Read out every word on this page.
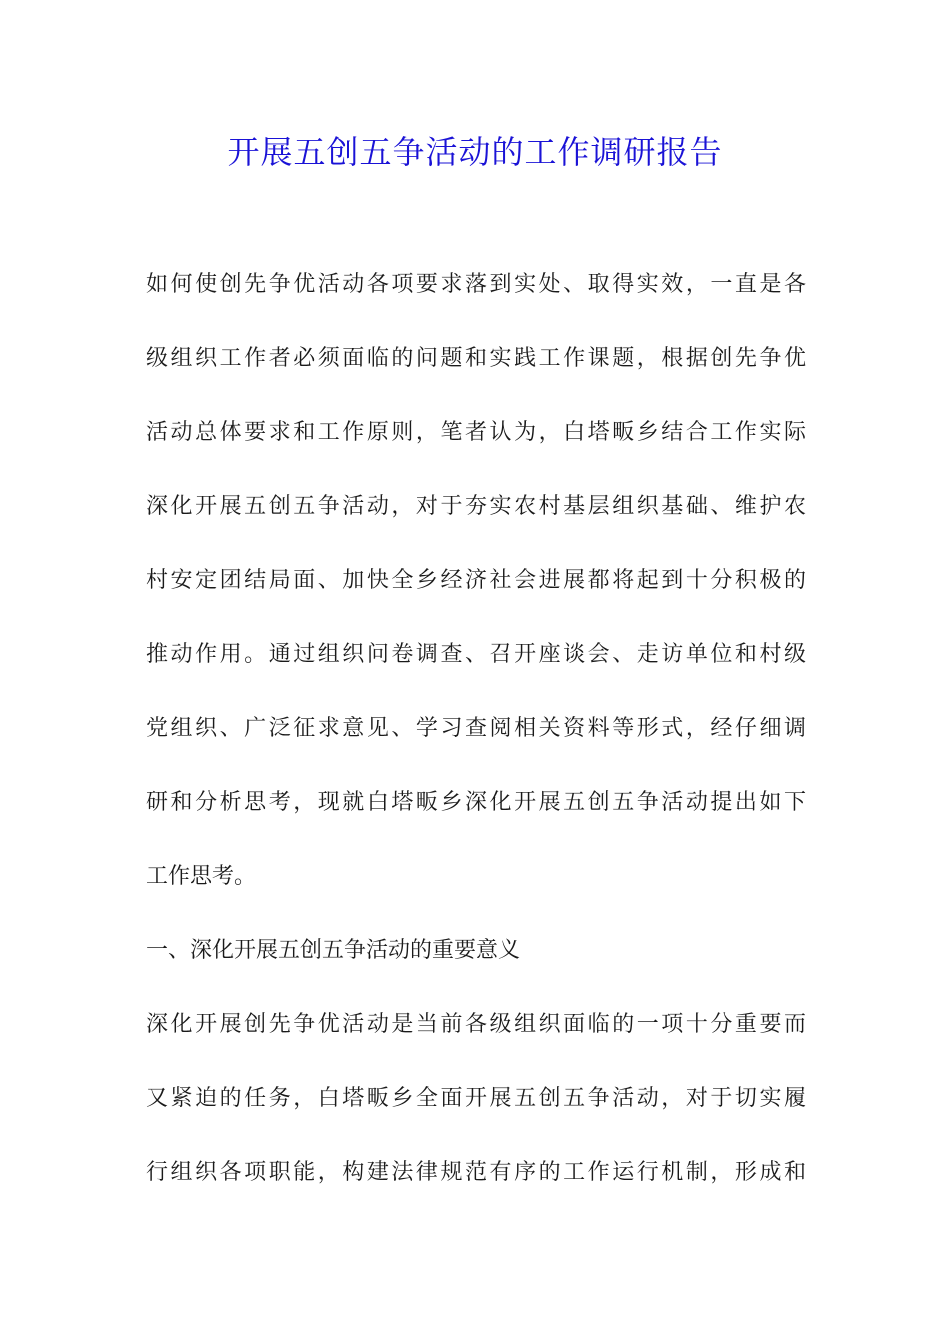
开展五创五争活动的工作调研报告
如何使创先争优活动各项要求落到实处、取得实效，一直是各
级组织工作者必须面临的问题和实践工作课题，根据创先争优
活动总体要求和工作原则，笔者认为，白塔畈乡结合工作实际
深化开展五创五争活动，对于夯实农村基层组织基础、维护农
村安定团结局面、加快全乡经济社会进展都将起到十分积极的
推动作用。通过组织问卷调查、召开座谈会、走访单位和村级
党组织、广泛征求意见、学习查阅相关资料等形式，经仔细调
研和分析思考，现就白塔畈乡深化开展五创五争活动提出如下
工作思考。
一、深化开展五创五争活动的重要意义
深化开展创先争优活动是当前各级组织面临的一项十分重要而
又紧迫的任务，白塔畈乡全面开展五创五争活动，对于切实履
行组织各项职能，构建法律规范有序的工作运行机制，形成和
